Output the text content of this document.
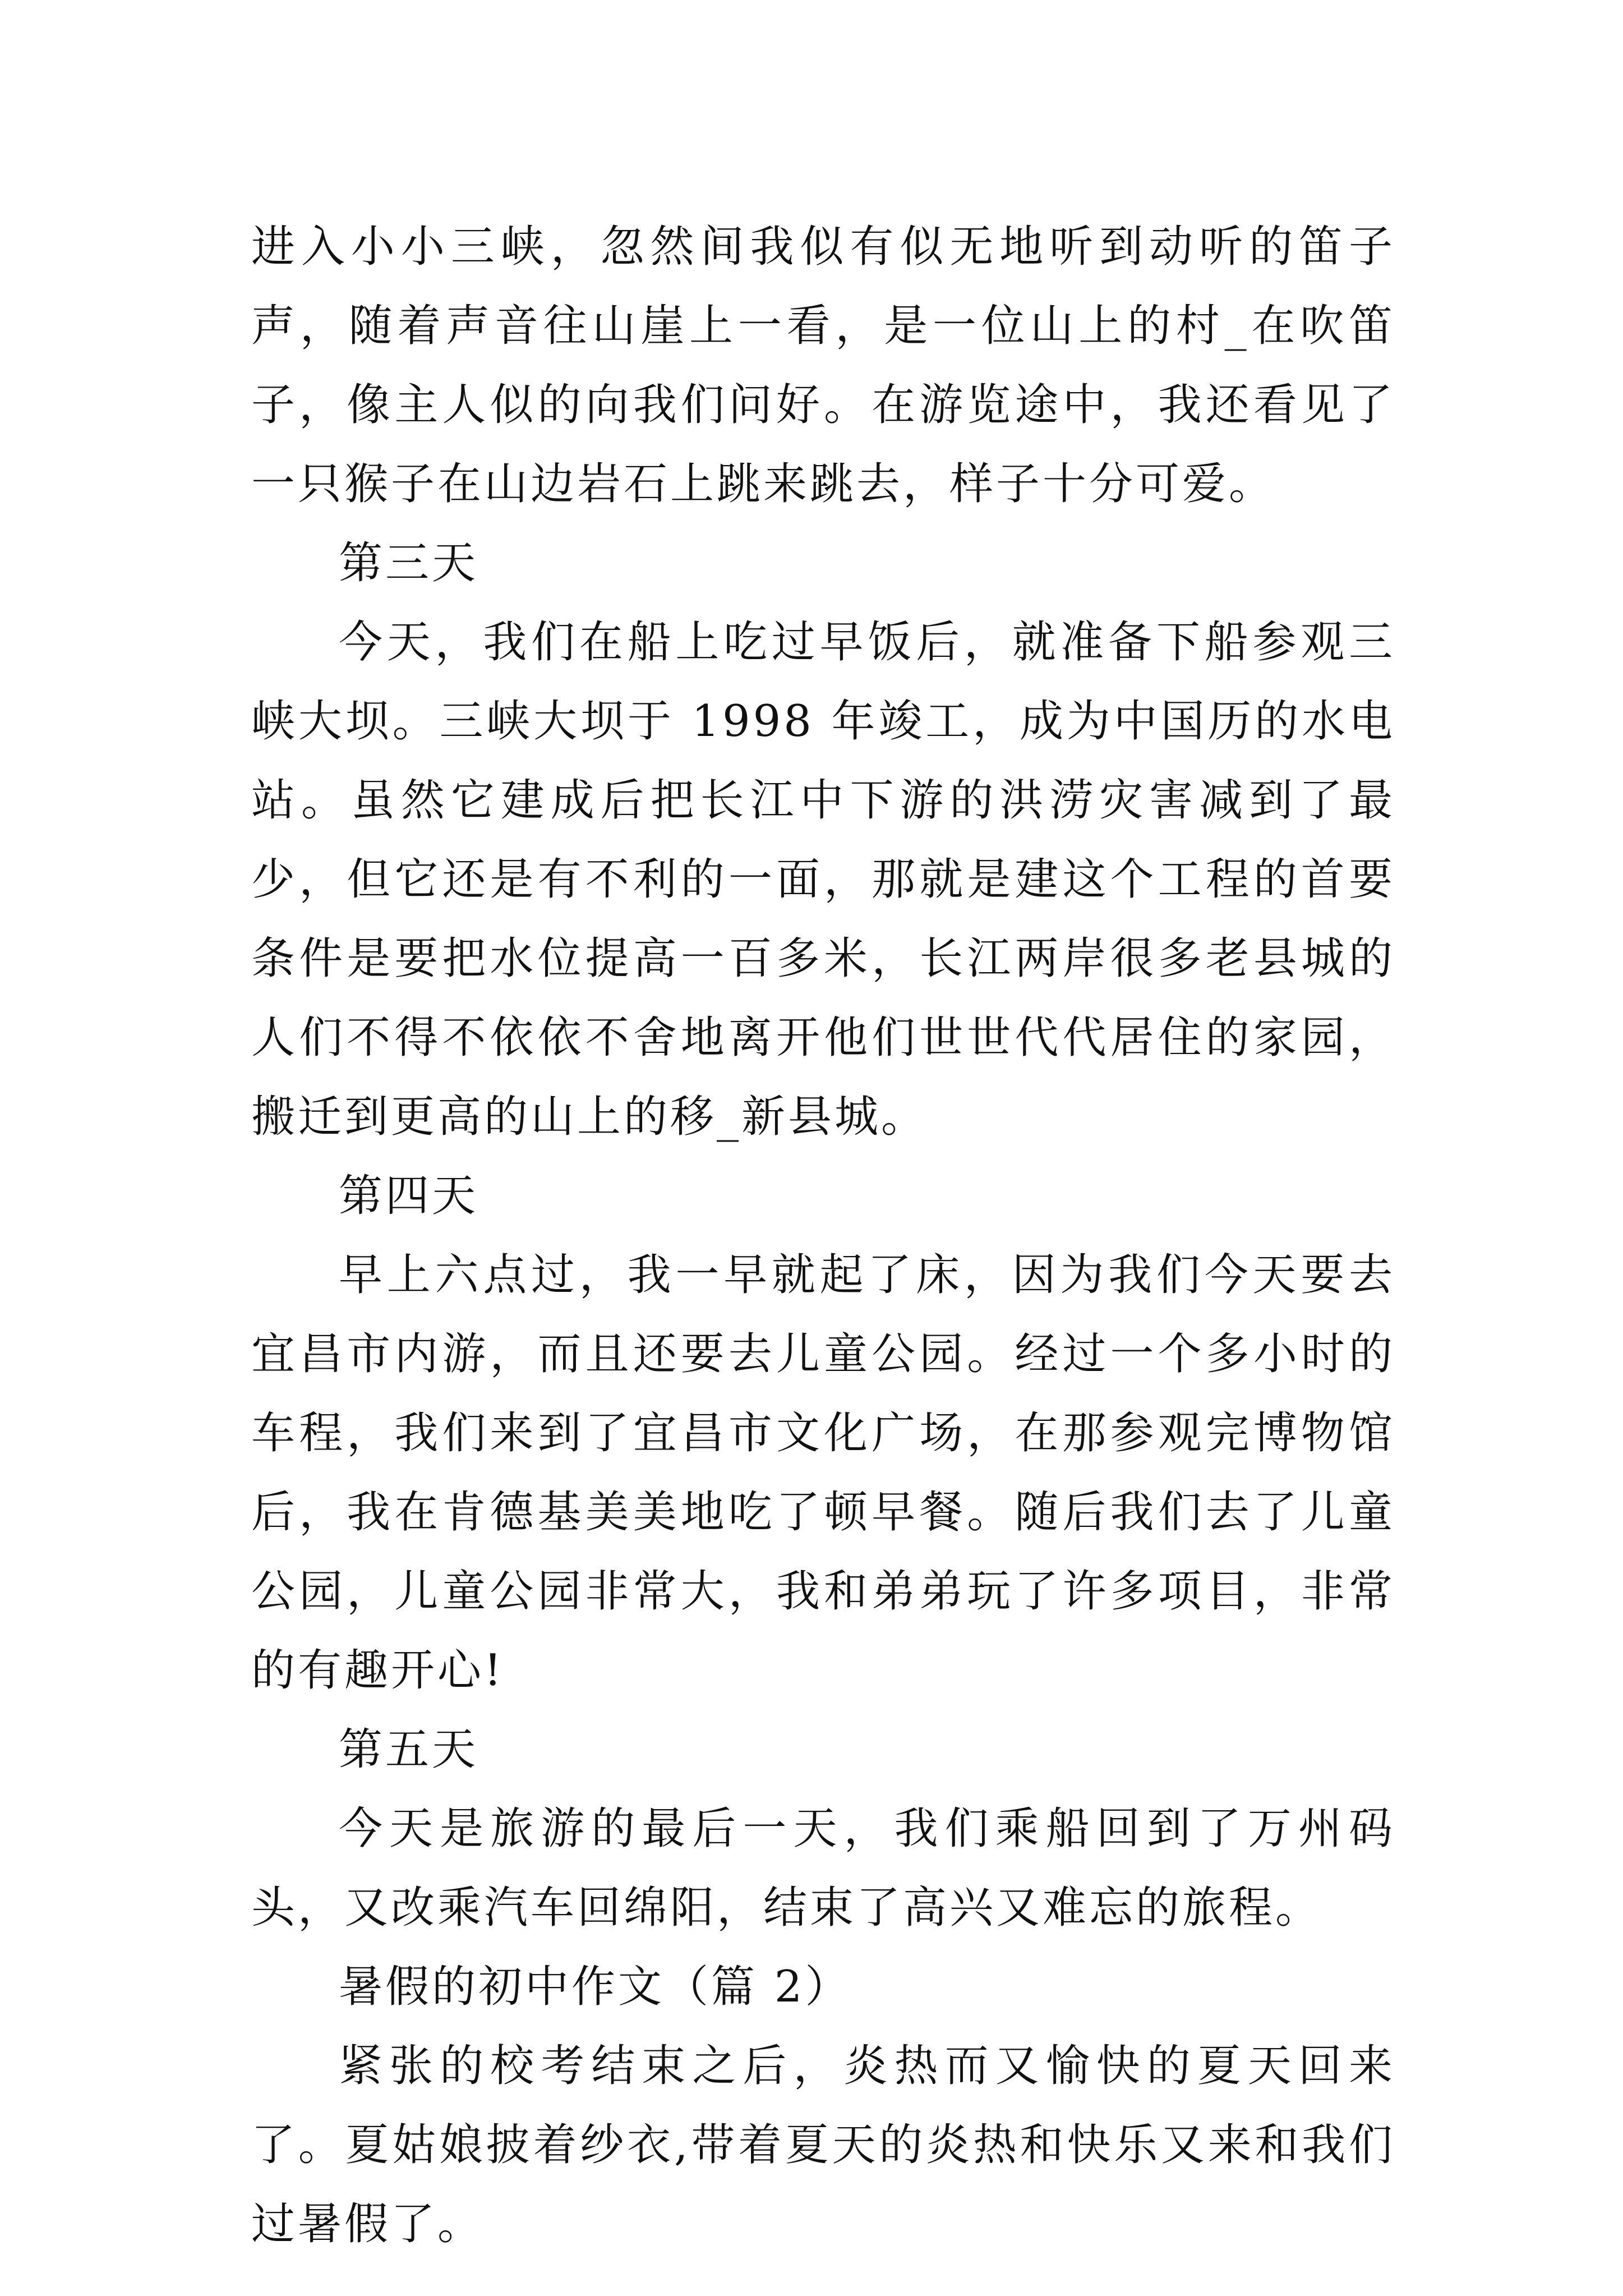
进入小小三峡，忽然间我似有似无地听到动听的笛子声，随着声音往山崖上一看，是一位山上的村_在吹笛子，像主人似的向我们问好。在游览途中，我还看见了一只猴子在山边岩石上跳来跳去，样子十分可爱。

第三天

今天，我们在船上吃过早饭后，就准备下船参观三峡大坝。三峡大坝于 1998 年竣工，成为中国历的水电站。虽然它建成后把长江中下游的洪涝灾害减到了最少，但它还是有不利的一面，那就是建这个工程的首要条件是要把水位提高一百多米，长江两岸很多老县城的人们不得不依依不舍地离开他们世世代代居住的家园，搬迁到更高的山上的移_新县城。

第四天

早上六点过，我一早就起了床，因为我们今天要去宜昌市内游，而且还要去儿童公园。经过一个多小时的车程，我们来到了宜昌市文化广场，在那参观完博物馆后，我在肯德基美美地吃了顿早餐。随后我们去了儿童公园，儿童公园非常大，我和弟弟玩了许多项目，非常的有趣开心!

第五天

今天是旅游的最后一天，我们乘船回到了万州码头，又改乘汽车回绵阳，结束了高兴又难忘的旅程。

暑假的初中作文（篇 2）

紧张的校考结束之后，炎热而又愉快的夏天回来了。夏姑娘披着纱衣,带着夏天的炎热和快乐又来和我们过暑假了。
